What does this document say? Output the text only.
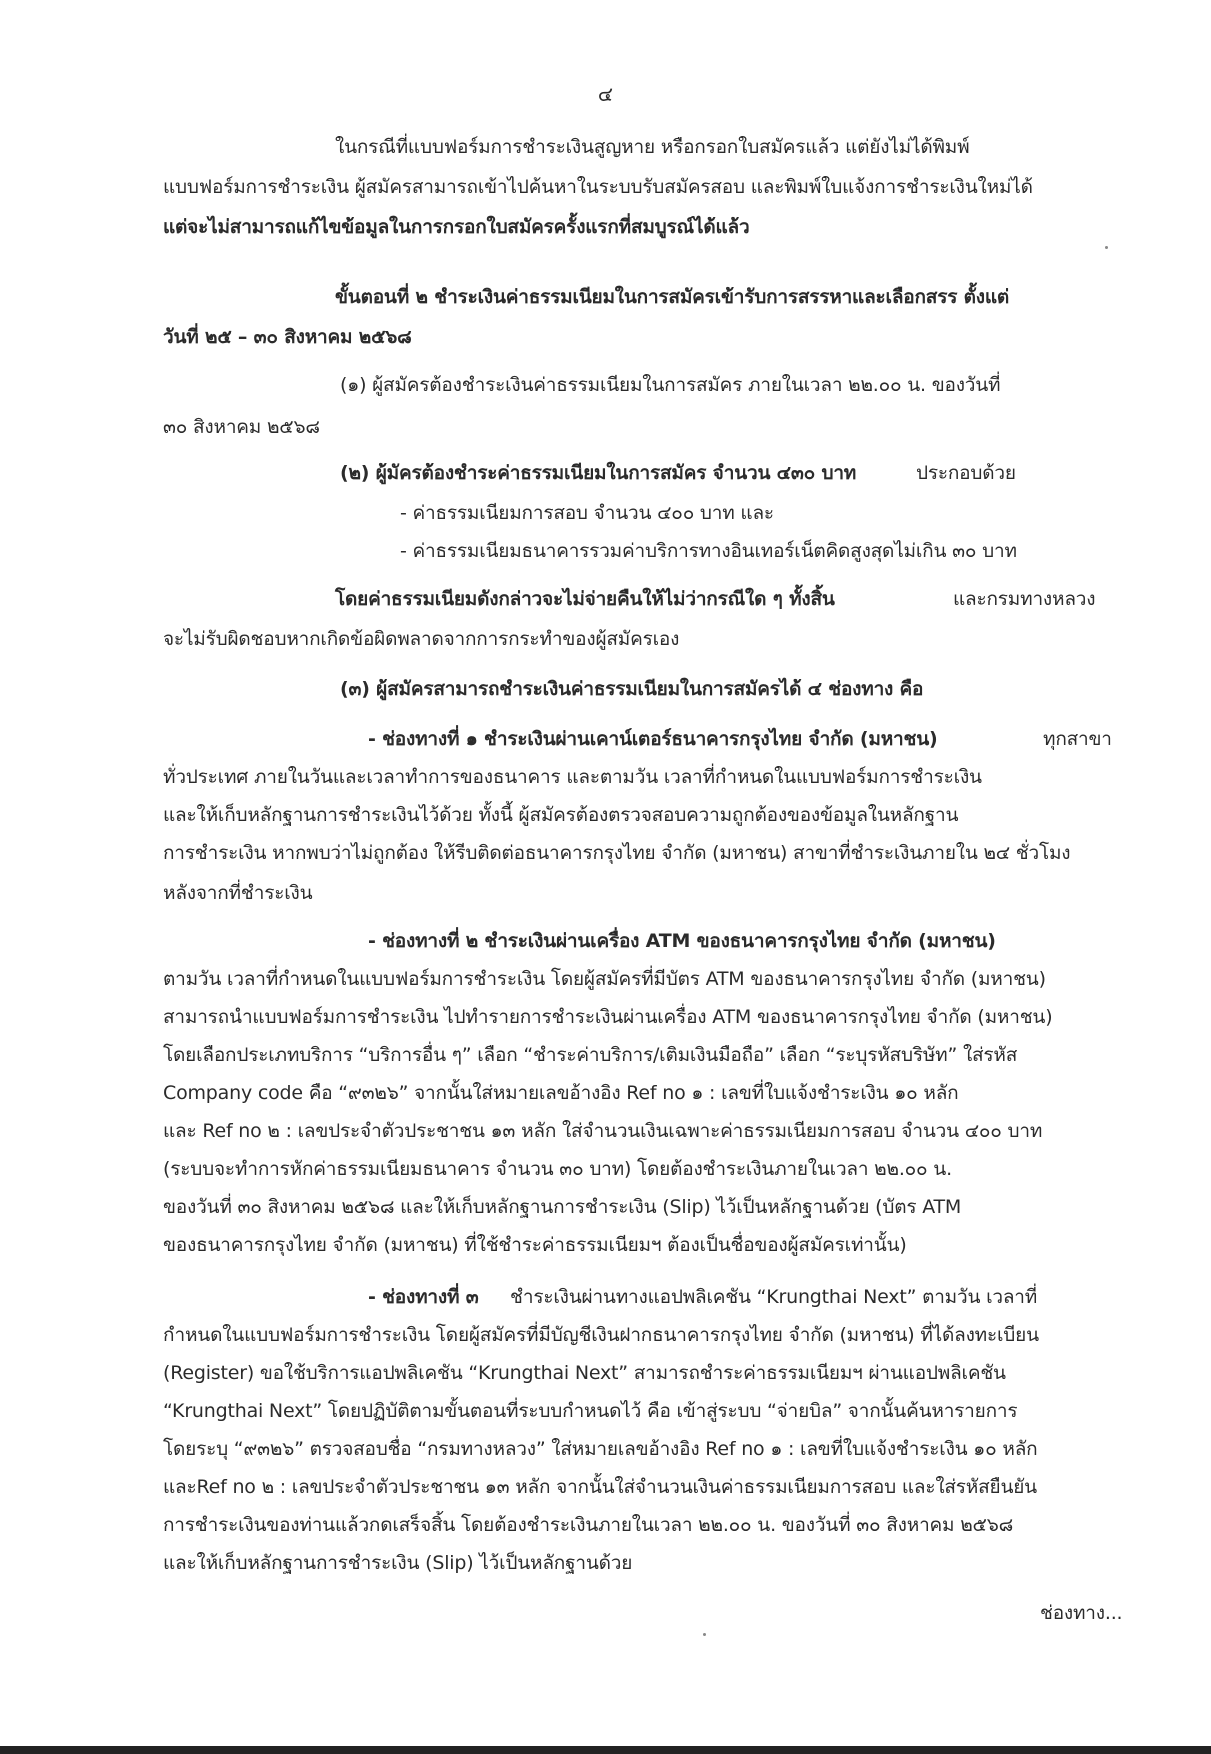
๔

ในกรณีที่แบบฟอร์มการชำระเงินสูญหาย หรือกรอกใบสมัครแล้ว แต่ยังไม่ได้พิมพ์

แบบฟอร์มการชำระเงิน ผู้สมัครสามารถเข้าไปค้นหาในระบบรับสมัครสอบ และพิมพ์ใบแจ้งการชำระเงินใหม่ได้

แต่จะไม่สามารถแก้ไขข้อมูลในการกรอกใบสมัครครั้งแรกที่สมบูรณ์ได้แล้ว

ขั้นตอนที่ ๒ ชำระเงินค่าธรรมเนียมในการสมัครเข้ารับการสรรหาและเลือกสรร ตั้งแต่

วันที่ ๒๕ – ๓๐ สิงหาคม ๒๕๖๘

(๑) ผู้สมัครต้องชำระเงินค่าธรรมเนียมในการสมัคร ภายในเวลา ๒๒.๐๐ น. ของวันที่

๓๐ สิงหาคม ๒๕๖๘

(๒) ผู้มัครต้องชำระค่าธรรมเนียมในการสมัคร จำนวน ๔๓๐ บาท	ประกอบด้วย

- ค่าธรรมเนียมการสอบ จำนวน ๔๐๐ บาท และ

- ค่าธรรมเนียมธนาคารรวมค่าบริการทางอินเทอร์เน็ตคิดสูงสุดไม่เกิน ๓๐ บาท

โดยค่าธรรมเนียมดังกล่าวจะไม่จ่ายคืนให้ไม่ว่ากรณีใด ๆ ทั้งสิ้น	และกรมทางหลวง

จะไม่รับผิดชอบหากเกิดข้อผิดพลาดจากการกระทำของผู้สมัครเอง

(๓) ผู้สมัครสามารถชำระเงินค่าธรรมเนียมในการสมัครได้ ๔ ช่องทาง คือ

- ช่องทางที่ ๑ ชำระเงินผ่านเคาน์เตอร์ธนาคารกรุงไทย จำกัด (มหาชน)	ทุกสาขา

ทั่วประเทศ ภายในวันและเวลาทำการของธนาคาร และตามวัน เวลาที่กำหนดในแบบฟอร์มการชำระเงิน

และให้เก็บหลักฐานการชำระเงินไว้ด้วย ทั้งนี้ ผู้สมัครต้องตรวจสอบความถูกต้องของข้อมูลในหลักฐาน

การชำระเงิน หากพบว่าไม่ถูกต้อง ให้รีบติดต่อธนาคารกรุงไทย จำกัด (มหาชน) สาขาที่ชำระเงินภายใน ๒๔ ชั่วโมง

หลังจากที่ชำระเงิน

- ช่องทางที่ ๒ ชำระเงินผ่านเครื่อง ATM ของธนาคารกรุงไทย จำกัด (มหาชน)

ตามวัน เวลาที่กำหนดในแบบฟอร์มการชำระเงิน โดยผู้สมัครที่มีบัตร ATM ของธนาคารกรุงไทย จำกัด (มหาชน)

สามารถนำแบบฟอร์มการชำระเงิน ไปทำรายการชำระเงินผ่านเครื่อง ATM ของธนาคารกรุงไทย จำกัด (มหาชน)

โดยเลือกประเภทบริการ “บริการอื่น ๆ” เลือก “ชำระค่าบริการ/เติมเงินมือถือ” เลือก “ระบุรหัสบริษัท” ใส่รหัส

Company code คือ “๙๓๒๖” จากนั้นใส่หมายเลขอ้างอิง Ref no ๑ : เลขที่ใบแจ้งชำระเงิน ๑๐ หลัก

และ Ref no ๒ : เลขประจำตัวประชาชน ๑๓ หลัก ใส่จำนวนเงินเฉพาะค่าธรรมเนียมการสอบ จำนวน ๔๐๐ บาท

(ระบบจะทำการหักค่าธรรมเนียมธนาคาร จำนวน ๓๐ บาท) โดยต้องชำระเงินภายในเวลา ๒๒.๐๐ น.

ของวันที่ ๓๐ สิงหาคม ๒๕๖๘ และให้เก็บหลักฐานการชำระเงิน (Slip) ไว้เป็นหลักฐานด้วย (บัตร ATM

ของธนาคารกรุงไทย จำกัด (มหาชน) ที่ใช้ชำระค่าธรรมเนียมฯ ต้องเป็นชื่อของผู้สมัครเท่านั้น)

- ช่องทางที่ ๓ ชำระเงินผ่านทางแอปพลิเคชัน “Krungthai Next” ตามวัน เวลาที่

กำหนดในแบบฟอร์มการชำระเงิน โดยผู้สมัครที่มีบัญชีเงินฝากธนาคารกรุงไทย จำกัด (มหาชน) ที่ได้ลงทะเบียน

(Register) ขอใช้บริการแอปพลิเคชัน “Krungthai Next” สามารถชำระค่าธรรมเนียมฯ ผ่านแอปพลิเคชัน

“Krungthai Next” โดยปฏิบัติตามขั้นตอนที่ระบบกำหนดไว้ คือ เข้าสู่ระบบ “จ่ายบิล” จากนั้นค้นหารายการ

โดยระบุ “๙๓๒๖” ตรวจสอบชื่อ “กรมทางหลวง” ใส่หมายเลขอ้างอิง Ref no ๑ : เลขที่ใบแจ้งชำระเงิน ๑๐ หลัก

และRef no ๒ : เลขประจำตัวประชาชน ๑๓ หลัก จากนั้นใส่จำนวนเงินค่าธรรมเนียมการสอบ และใส่รหัสยืนยัน

การชำระเงินของท่านแล้วกดเสร็จสิ้น โดยต้องชำระเงินภายในเวลา ๒๒.๐๐ น. ของวันที่ ๓๐ สิงหาคม ๒๕๖๘

และให้เก็บหลักฐานการชำระเงิน (Slip) ไว้เป็นหลักฐานด้วย

ช่องทาง...
